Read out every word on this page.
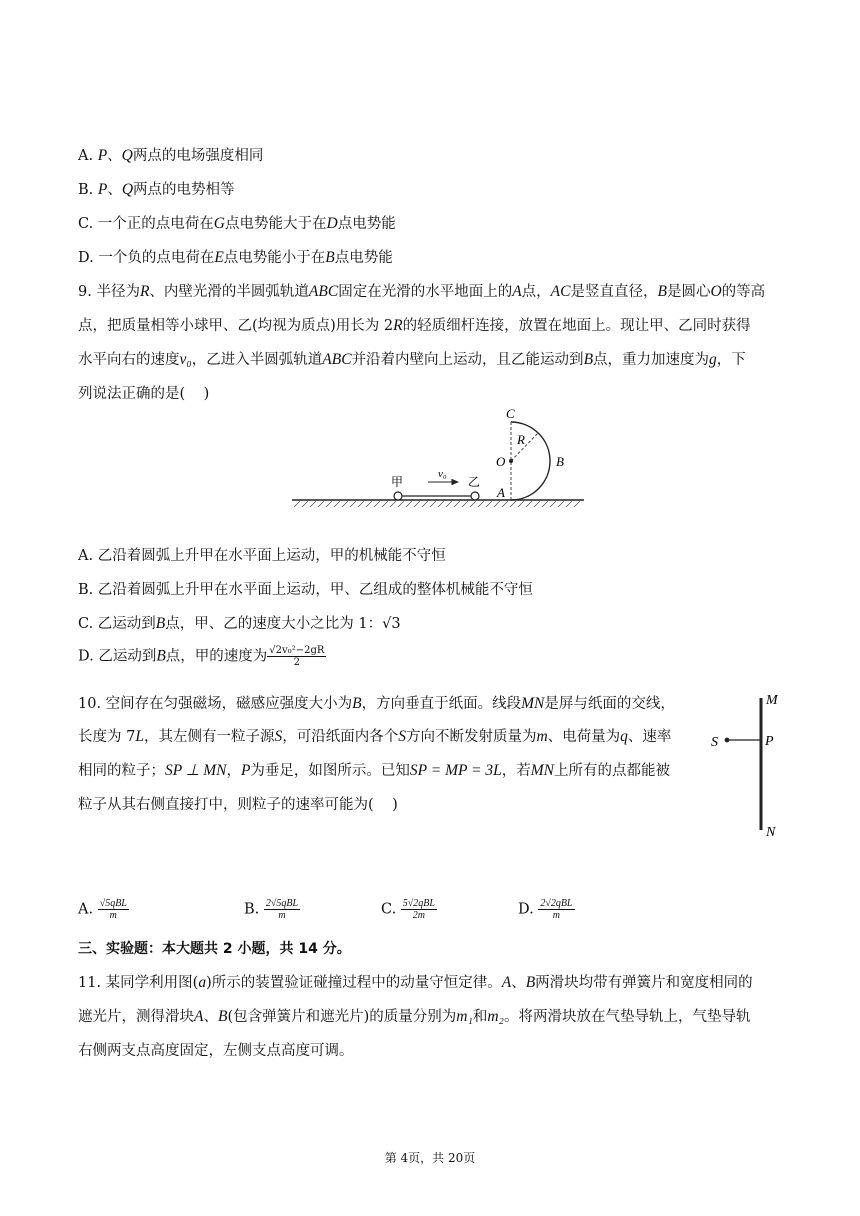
A. P、Q两点的电场强度相同
B. P、Q两点的电势相等
C. 一个正的点电荷在G点电势能大于在D点电势能
D. 一个负的点电荷在E点电势能小于在B点电势能
9. 半径为R、内壁光滑的半圆弧轨道ABC固定在光滑的水平地面上的A点，AC是竖直直径，B是圆心O的等高
点，把质量相等小球甲、乙(均视为质点)用长为 2R的轻质细杆连接，放置在地面上。现让甲、乙同时获得
水平向右的速度v₀，乙进入半圆弧轨道ABC并沿着内壁向上运动，且乙能运动到B点，重力加速度为g，下
列说法正确的是(    )
C
R
O	B
A
甲	乙
v₀
A. 乙沿着圆弧上升甲在水平面上运动，甲的机械能不守恒
B. 乙沿着圆弧上升甲在水平面上运动，甲、乙组成的整体机械能不守恒
C. 乙运动到B点，甲、乙的速度大小之比为 1：√3
D. 乙运动到B点，甲的速度为 $\frac{\text{√2v₀²−2gR}}{2}$
10. 空间存在匀强磁场，磁感应强度大小为B，方向垂直于纸面。线段MN是屏与纸面的交线，
长度为 7L，其左侧有一粒子源S，可沿纸面内各个S方向不断发射质量为m、电荷量为q、速率
相同的粒子；SP ⊥ MN，P为垂足，如图所示。已知SP = MP = 3L，若MN上所有的点都能被
粒子从其右侧直接打中，则粒子的速率可能为(    )
M
P
S
N
A. $\frac{\text{√5qBL}}{m}$	B. $\frac{\text{2√5qBL}}{m}$	C. $\frac{\text{5√2qBL}}{2m}$	D. $\frac{\text{2√2qBL}}{m}$
三、实验题：本大题共 2 小题，共 14 分。
11. 某同学利用图(a)所示的装置验证碰撞过程中的动量守恒定律。A、B两滑块均带有弹簧片和宽度相同的
遮光片，测得滑块A、B(包含弹簧片和遮光片)的质量分别为m₁和m₂。将两滑块放在气垫导轨上，气垫导轨
右侧两支点高度固定，左侧支点高度可调。
第 4页，共 20页
